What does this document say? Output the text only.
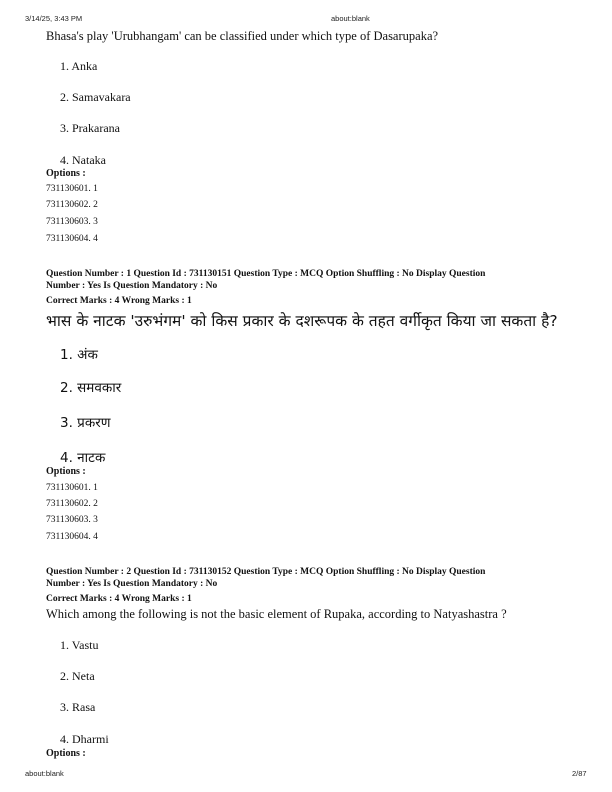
3/14/25, 3:43 PM	about:blank
about:blank	2/87
Bhasa's play 'Urubhangam' can be classified under which type of Dasarupaka?
1. Anka
2. Samavakara
3. Prakarana
4. Nataka
Options :
731130601. 1
731130602. 2
731130603. 3
731130604. 4
Question Number : 1 Question Id : 731130151 Question Type : MCQ Option Shuffling : No Display Question
Number : Yes Is Question Mandatory : No
Correct Marks : 4 Wrong Marks : 1
भास के नाटक 'उरुभंगम' को किस प्रकार के दशरूपक के तहत वर्गीकृत किया जा सकता है?
1. अंक
2. समवकार
3. प्रकरण
4. नाटक
Options :
731130601. 1
731130602. 2
731130603. 3
731130604. 4
Question Number : 2 Question Id : 731130152 Question Type : MCQ Option Shuffling : No Display Question
Number : Yes Is Question Mandatory : No
Correct Marks : 4 Wrong Marks : 1
Which among the following is not the basic element of Rupaka, according to Natyashastra ?
1. Vastu
2. Neta
3. Rasa
4. Dharmi
Options :
